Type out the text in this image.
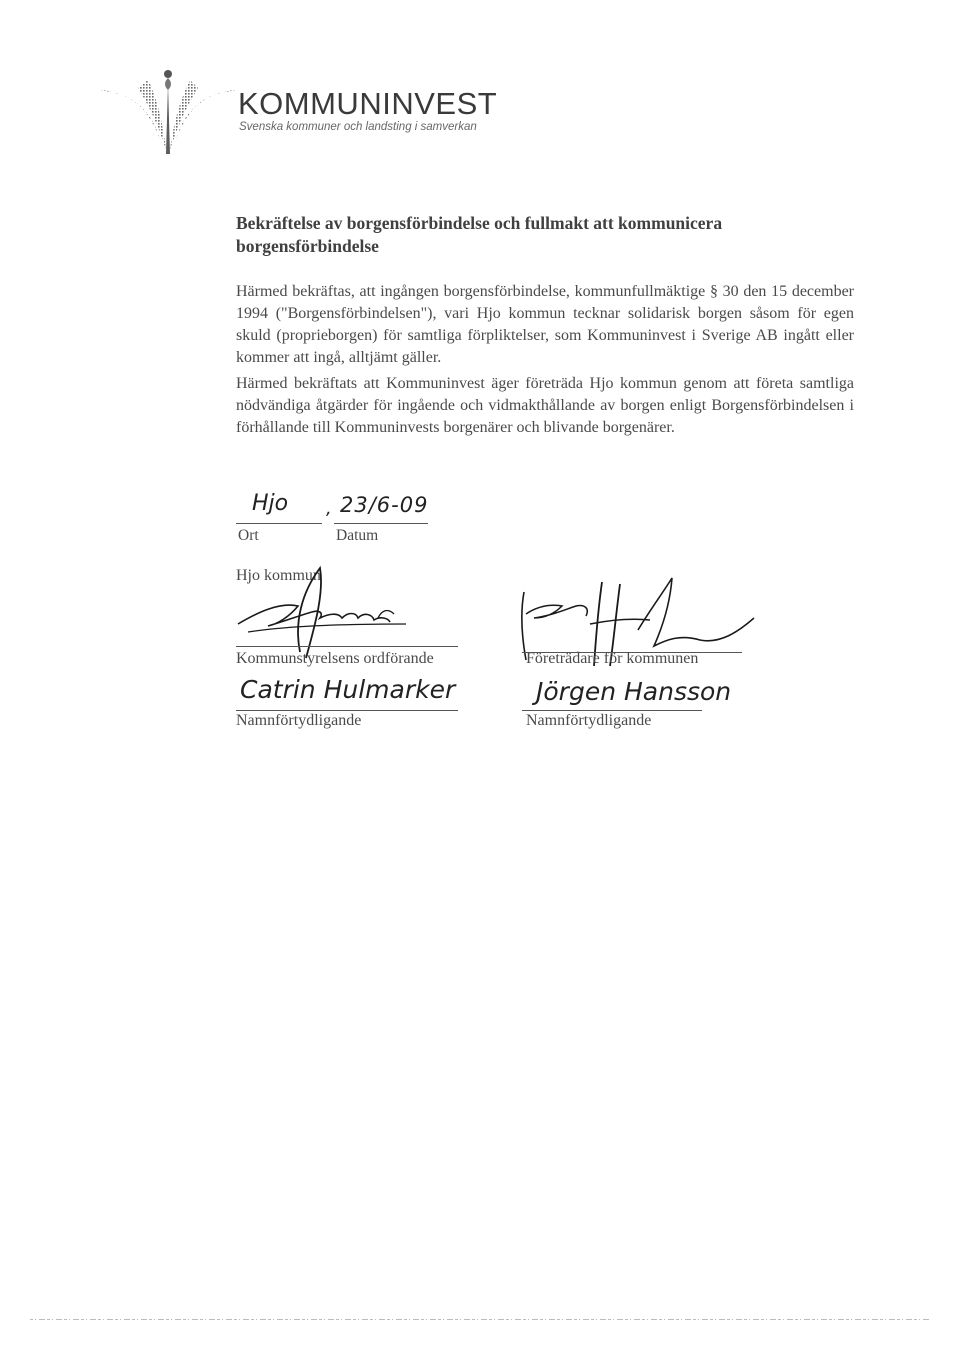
KOMMUNINVEST
Svenska kommuner och landsting i samverkan
Bekräftelse av borgensförbindelse och fullmakt att kommunicera borgensförbindelse
Härmed bekräftas, att ingången borgensförbindelse, kommunfullmäktige § 30 den 15 december 1994 ("Borgensförbindelsen"), vari Hjo kommun tecknar solidarisk borgen såsom för egen skuld (proprieborgen) för samtliga förpliktelser, som Kommuninvest i Sverige AB ingått eller kommer att ingå, alltjämt gäller.
Härmed bekräftats att Kommuninvest äger företräda Hjo kommun genom att företa samtliga nödvändiga åtgärder för ingående och vidmakthållande av borgen enligt Borgensförbindelsen i förhållande till Kommuninvests borgenärer och blivande borgenärer.
Hjo , 23/6-09
Ort	Datum
Hjo kommun
Kommunstyrelsens ordförande
Catrin Hulmarker
Namnförtydligande
Företrädare för kommunen
Jörgen Hansson
Namnförtydligande
